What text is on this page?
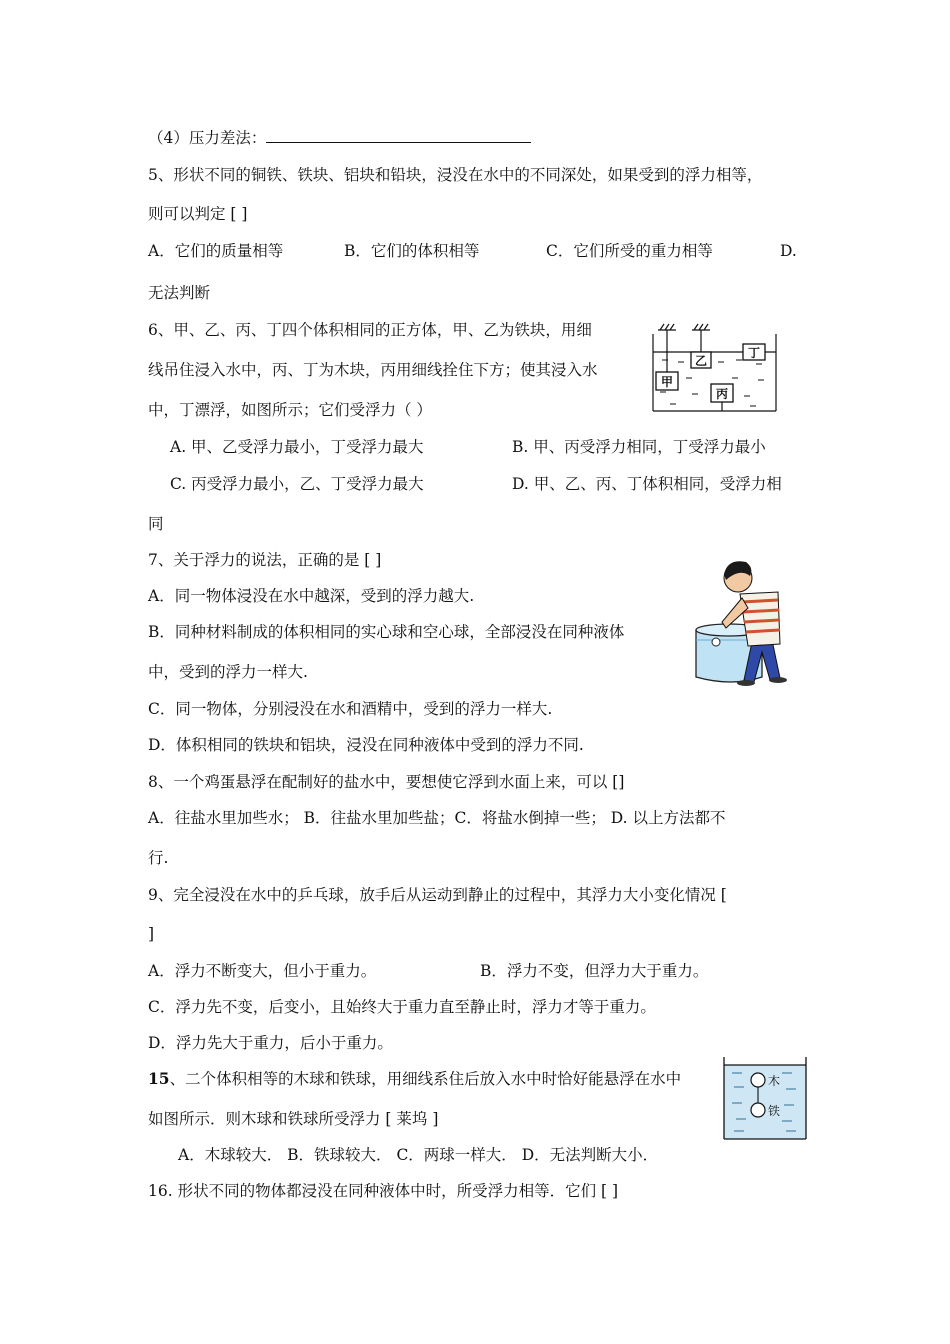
（4）压力差法：
5、形状不同的铜铁、铁块、铝块和铅块，浸没在水中的不同深处，如果受到的浮力相等，
则可以判定 [ ]
A．它们的质量相等	B．它们的体积相等	C．它们所受的重力相等	D.
无法判断
6、甲、乙、丙、丁四个体积相同的正方体，甲、乙为铁块，用细
线吊住浸入水中，丙、丁为木块，丙用细线拴住下方；使其浸入水
中，丁漂浮，如图所示；它们受浮力（ ）
甲
乙
丙
丁
A. 甲、乙受浮力最小，丁受浮力最大	B. 甲、丙受浮力相同，丁受浮力最小
C. 丙受浮力最小，乙、丁受浮力最大	D. 甲、乙、丙、丁体积相同，受浮力相
同
7、关于浮力的说法，正确的是 [ ]
A．同一物体浸没在水中越深，受到的浮力越大.
B．同种材料制成的体积相同的实心球和空心球，全部浸没在同种液体
中，受到的浮力一样大.
C．同一物体，分别浸没在水和酒精中，受到的浮力一样大.
D．体积相同的铁块和铝块，浸没在同种液体中受到的浮力不同.
8、一个鸡蛋悬浮在配制好的盐水中，要想使它浮到水面上来，可以 []
A．往盐水里加些水； B．往盐水里加些盐；C．将盐水倒掉一些； D. 以上方法都不
行.
9、完全浸没在水中的乒乓球，放手后从运动到静止的过程中，其浮力大小变化情况 [
]
A．浮力不断变大，但小于重力。	B．浮力不变，但浮力大于重力。
C．浮力先不变，后变小，且始终大于重力直至静止时，浮力才等于重力。
D．浮力先大于重力，后小于重力。
15、二个体积相等的木球和铁球，用细线系住后放入水中时恰好能悬浮在水中
如图所示．则木球和铁球所受浮力 [ 莱坞 ]
木
铁
A．木球较大． B．铁球较大． C．两球一样大． D．无法判断大小．
16. 形状不同的物体都浸没在同种液体中时，所受浮力相等．它们 [ ]
